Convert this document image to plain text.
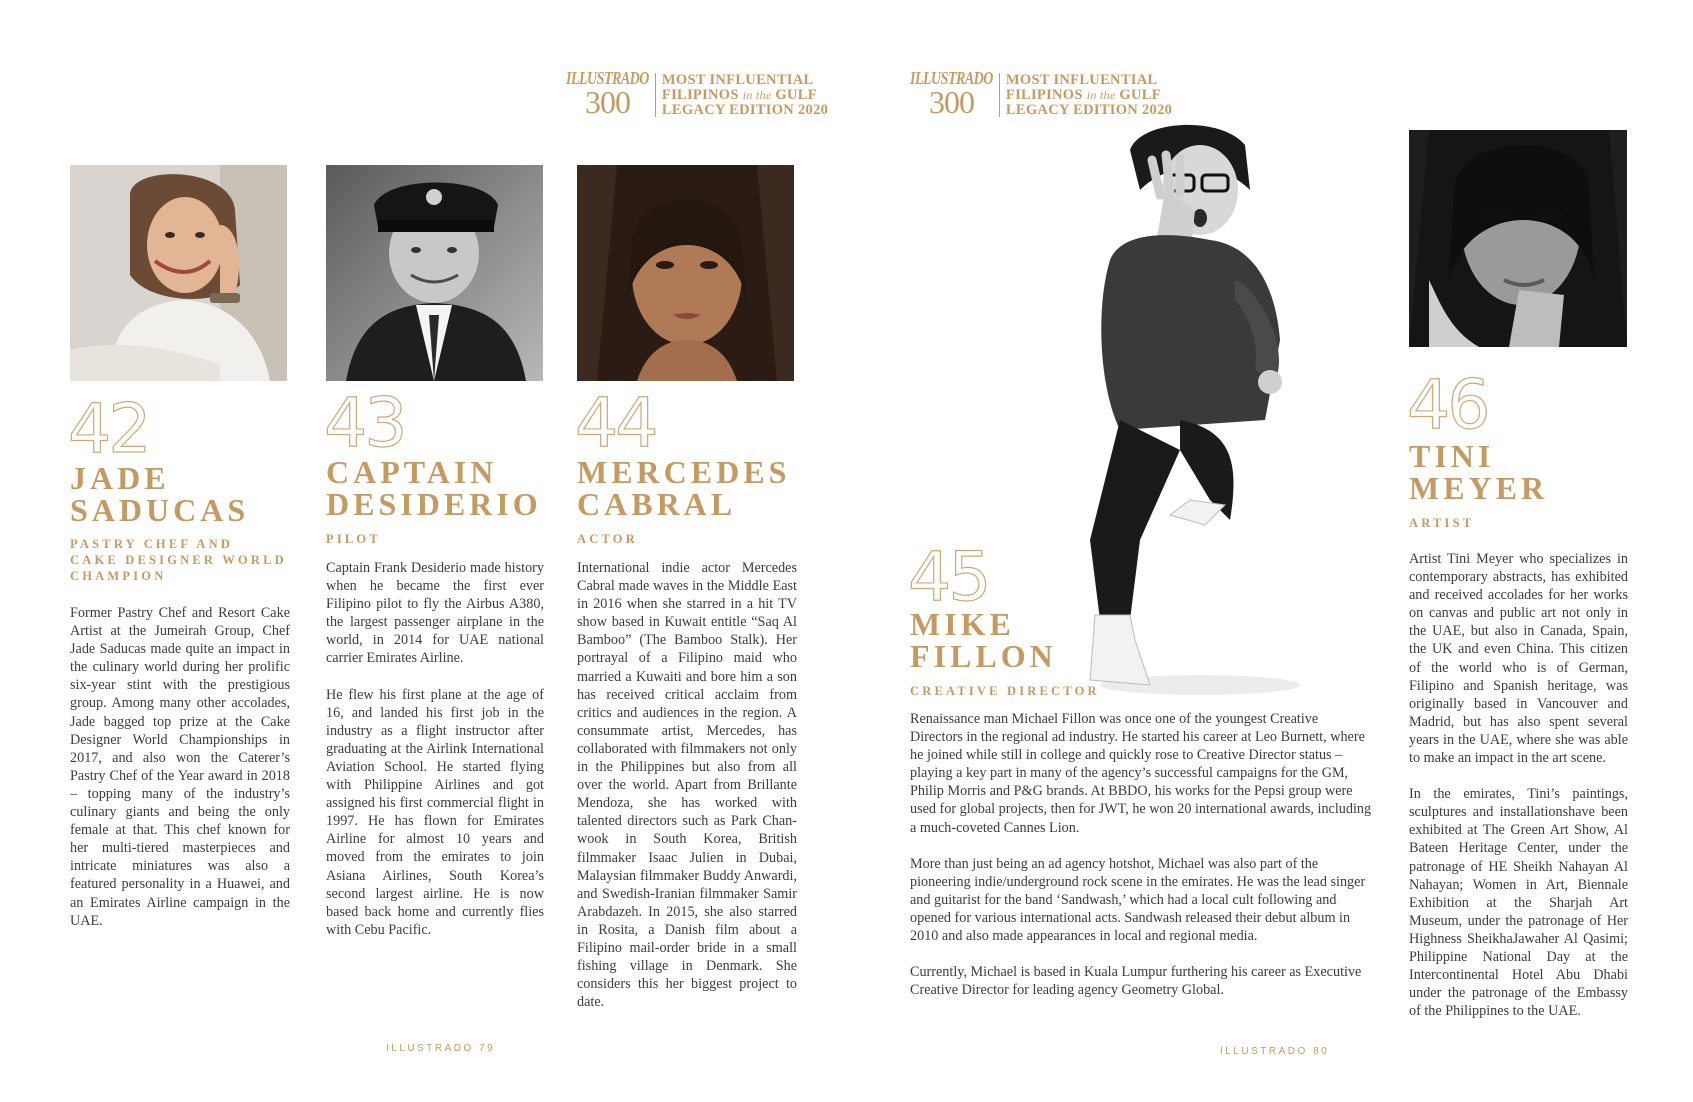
ILLUSTRADO
300
MOST INFLUENTIAL
FILIPINOS in the GULF
LEGACY EDITION 2020
ILLUSTRADO
300
MOST INFLUENTIAL
FILIPINOS in the GULF
LEGACY EDITION 2020
42
JADE
SADUCAS
PASTRY CHEF AND
CAKE DESIGNER WORLD
CHAMPION

Former Pastry Chef and Resort Cake Artist at the Jumeirah Group, Chef Jade Saducas made quite an impact in the culinary world during her prolific six-year stint with the prestigious group. Among many other accolades, Jade bagged top prize at the Cake Designer World Championships in 2017, and also won the Caterer’s Pastry Chef of the Year award in 2018 – topping many of the industry’s culinary giants and being the only female at that. This chef known for her multi-tiered masterpieces and intricate miniatures was also a featured personality in a Huawei, and an Emirates Airline campaign in the UAE.

43
CAPTAIN
DESIDERIO
PILOT

Captain Frank Desiderio made history when he became the first ever Filipino pilot to fly the Airbus A380, the largest passenger airplane in the world, in 2014 for UAE national carrier Emirates Airline.

He flew his first plane at the age of 16, and landed his first job in the industry as a flight instructor after graduating at the Airlink International Aviation School. He started flying with Philippine Airlines and got assigned his first commercial flight in 1997. He has flown for Emirates Airline for almost 10 years and moved from the emirates to join Asiana Airlines, South Korea’s second largest airline. He is now based back home and currently flies with Cebu Pacific.

44
MERCEDES
CABRAL
ACTOR

International indie actor Mercedes Cabral made waves in the Middle East in 2016 when she starred in a hit TV show based in Kuwait entitle “Saq Al Bamboo” (The Bamboo Stalk). Her portrayal of a Filipino maid who married a Kuwaiti and bore him a son has received critical acclaim from critics and audiences in the region. A consummate artist, Mercedes, has collaborated with filmmakers not only in the Philippines but also from all over the world. Apart from Brillante Mendoza, she has worked with talented directors such as Park Chan-wook in South Korea, British filmmaker Isaac Julien in Dubai, Malaysian filmmaker Buddy Anwardi, and Swedish-Iranian filmmaker Samir Arabdazeh. In 2015, she also starred in Rosita, a Danish film about a Filipino mail-order bride in a small fishing village in Denmark. She considers this her biggest project to date.

45
MIKE
FILLON
CREATIVE DIRECTOR

Renaissance man Michael Fillon was once one of the youngest Creative Directors in the regional ad industry. He started his career at Leo Burnett, where he joined while still in college and quickly rose to Creative Director status – playing a key part in many of the agency’s successful campaigns for the GM, Philip Morris and P&G brands. At BBDO, his works for the Pepsi group were used for global projects, then for JWT, he won 20 international awards, including a much-coveted Cannes Lion.

More than just being an ad agency hotshot, Michael was also part of the pioneering indie/underground rock scene in the emirates. He was the lead singer and guitarist for the band ‘Sandwash,’ which had a local cult following and opened for various international acts. Sandwash released their debut album in 2010 and also made appearances in local and regional media.

Currently, Michael is based in Kuala Lumpur furthering his career as Executive Creative Director for leading agency Geometry Global.

46
TINI
MEYER
ARTIST

Artist Tini Meyer who specializes in contemporary abstracts, has exhibited and received accolades for her works on canvas and public art not only in the UAE, but also in Canada, Spain, the UK and even China. This citizen of the world who is of German, Filipino and Spanish heritage, was originally based in Vancouver and Madrid, but has also spent several years in the UAE, where she was able to make an impact in the art scene.

In the emirates, Tini’s paintings, sculptures and installationshave been exhibited at The Green Art Show, Al Bateen Heritage Center, under the patronage of HE Sheikh Nahayan Al Nahayan; Women in Art, Biennale Exhibition at the Sharjah Art Museum, under the patronage of Her Highness SheikhaJawaher Al Qasimi; Philippine National Day at the Intercontinental Hotel Abu Dhabi under the patronage of the Embassy of the Philippines to the UAE.

ILLUSTRADO 79	ILLUSTRADO 80
